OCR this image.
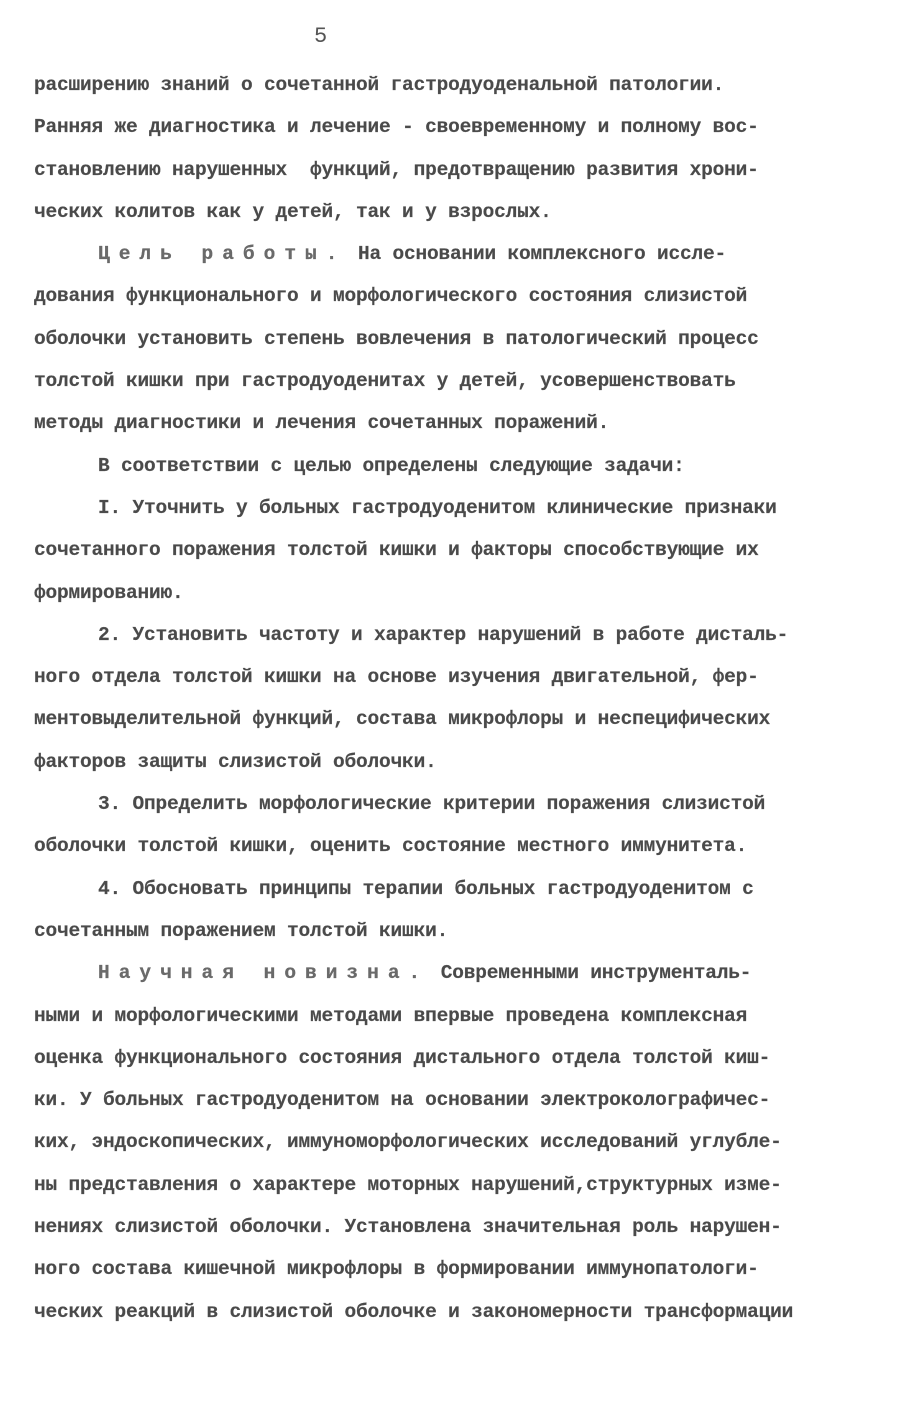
5
расширению знаний о сочетанной гастродуоденальной патологии.
Ранняя же диагностика и лечение - своевременному и полному вос-
становлению нарушенных  функций, предотвращению развития хрони-
ческих колитов как у детей, так и у взрослых.
Цель работы. На основании комплексного иссле-
дования функционального и морфологического состояния слизистой
оболочки установить степень вовлечения в патологический процесс
толстой кишки при гастродуоденитах у детей, усовершенствовать
методы диагностики и лечения сочетанных поражений.
В соответствии с целью определены следующие задачи:
I. Уточнить у больных гастродуоденитом клинические признаки
сочетанного поражения толстой кишки и факторы способствующие их
формированию.
2. Установить частоту и характер нарушений в работе дисталь-
ного отдела толстой кишки на основе изучения двигательной, фер-
ментовыделительной функций, состава микрофлоры и неспецифических
факторов защиты слизистой оболочки.
3. Определить морфологические критерии поражения слизистой
оболочки толстой кишки, оценить состояние местного иммунитета.
4. Обосновать принципы терапии больных гастродуоденитом с
сочетанным поражением толстой кишки.
Научная новизна. Современными инструменталь-
ными и морфологическими методами впервые проведена комплексная
оценка функционального состояния дистального отдела толстой киш-
ки. У больных гастродуоденитом на основании электроколографичес-
ких, эндоскопических, иммуноморфологических исследований углубле-
ны представления о характере моторных нарушений,структурных изме-
нениях слизистой оболочки. Установлена значительная роль нарушен-
ного состава кишечной микрофлоры в формировании иммунопатологи-
ческих реакций в слизистой оболочке и закономерности трансформации
